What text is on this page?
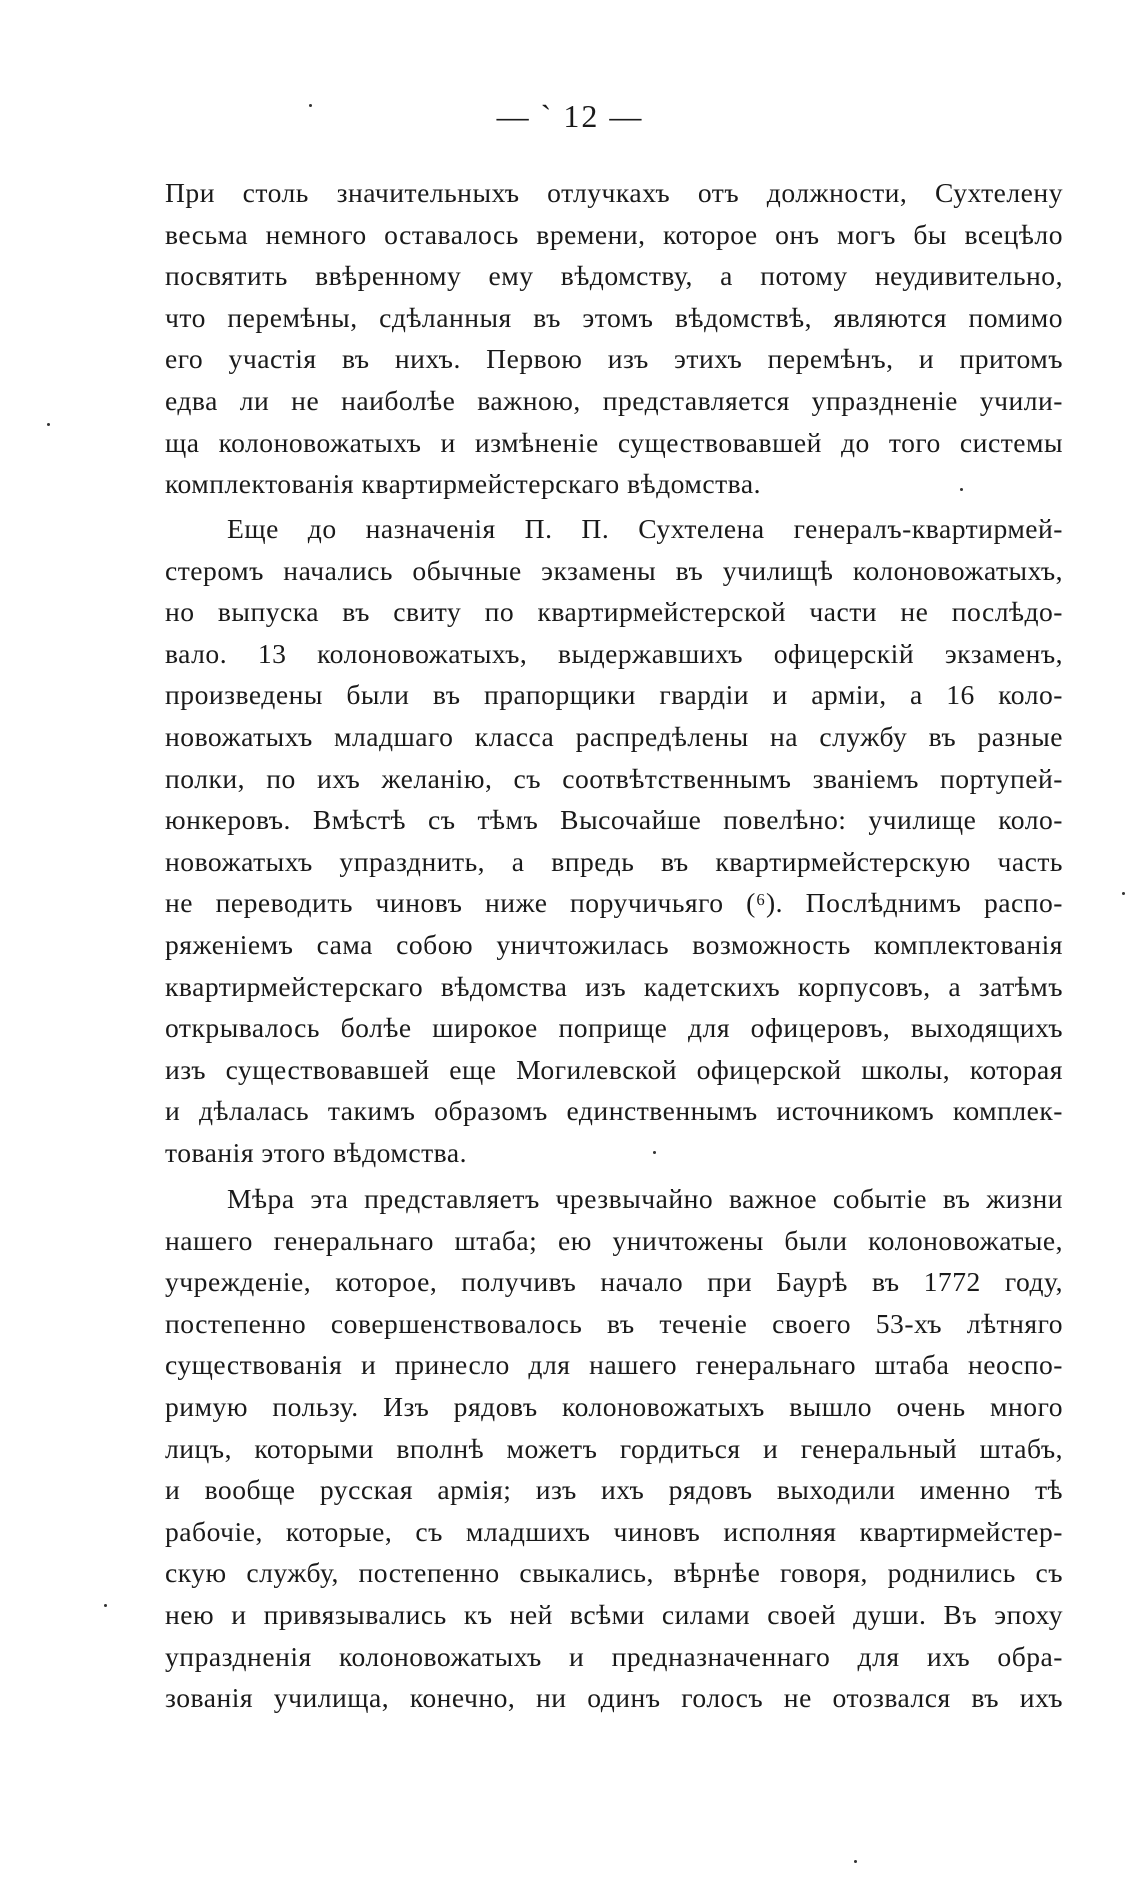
— ` 12 —
При столь значительныхъ отлучкахъ отъ должности, Сухтелену
весьма немного оставалось времени, которое онъ могъ бы всецѣло
посвятить ввѣренному ему вѣдомству, а потому неудивительно,
что перемѣны, сдѣланныя въ этомъ вѣдомствѣ, являются помимо
его участія въ нихъ. Первою изъ этихъ перемѣнъ, и притомъ
едва ли не наиболѣе важною, представляется упраздненіе учили-
ща колоновожатыхъ и измѣненіе существовавшей до того системы
комплектованія квартирмейстерскаго вѣдомства.
Еще до назначенія П. П. Сухтелена генералъ-квартирмей-
стеромъ начались обычные экзамены въ училищѣ колоновожатыхъ,
но выпуска въ свиту по квартирмейстерской части не послѣдо-
вало. 13 колоновожатыхъ, выдержавшихъ офицерскій экзаменъ,
произведены были въ прапорщики гвардіи и арміи, а 16 коло-
новожатыхъ младшаго класса распредѣлены на службу въ разные
полки, по ихъ желанію, съ соотвѣтственнымъ званіемъ портупей-
юнкеровъ. Вмѣстѣ съ тѣмъ Высочайше повелѣно: училище коло-
новожатыхъ упразднить, а впредь въ квартирмейстерскую часть
не переводить чиновъ ниже поручичьяго (⁶). Послѣднимъ распо-
ряженіемъ сама собою уничтожилась возможность комплектованія
квартирмейстерскаго вѣдомства изъ кадетскихъ корпусовъ, а затѣмъ
открывалось болѣе широкое поприще для офицеровъ, выходящихъ
изъ существовавшей еще Могилевской офицерской школы, которая
и дѣлалась такимъ образомъ единственнымъ источникомъ комплек-
тованія этого вѣдомства.
Мѣра эта представляетъ чрезвычайно важное событіе въ жизни
нашего генеральнаго штаба; ею уничтожены были колоновожатые,
учрежденіе, которое, получивъ начало при Баурѣ въ 1772 году,
постепенно совершенствовалось въ теченіе своего 53-хъ лѣтняго
существованія и принесло для нашего генеральнаго штаба неоспо-
римую пользу. Изъ рядовъ колоновожатыхъ вышло очень много
лицъ, которыми вполнѣ можетъ гордиться и генеральный штабъ,
и вообще русская армія; изъ ихъ рядовъ выходили именно тѣ
рабочіе, которые, съ младшихъ чиновъ исполняя квартирмейстер-
скую службу, постепенно свыкались, вѣрнѣе говоря, роднились съ
нею и привязывались къ ней всѣми силами своей души. Въ эпоху
упраздненія колоновожатыхъ и предназначеннаго для ихъ обра-
зованія училища, конечно, ни одинъ голосъ не отозвался въ ихъ
